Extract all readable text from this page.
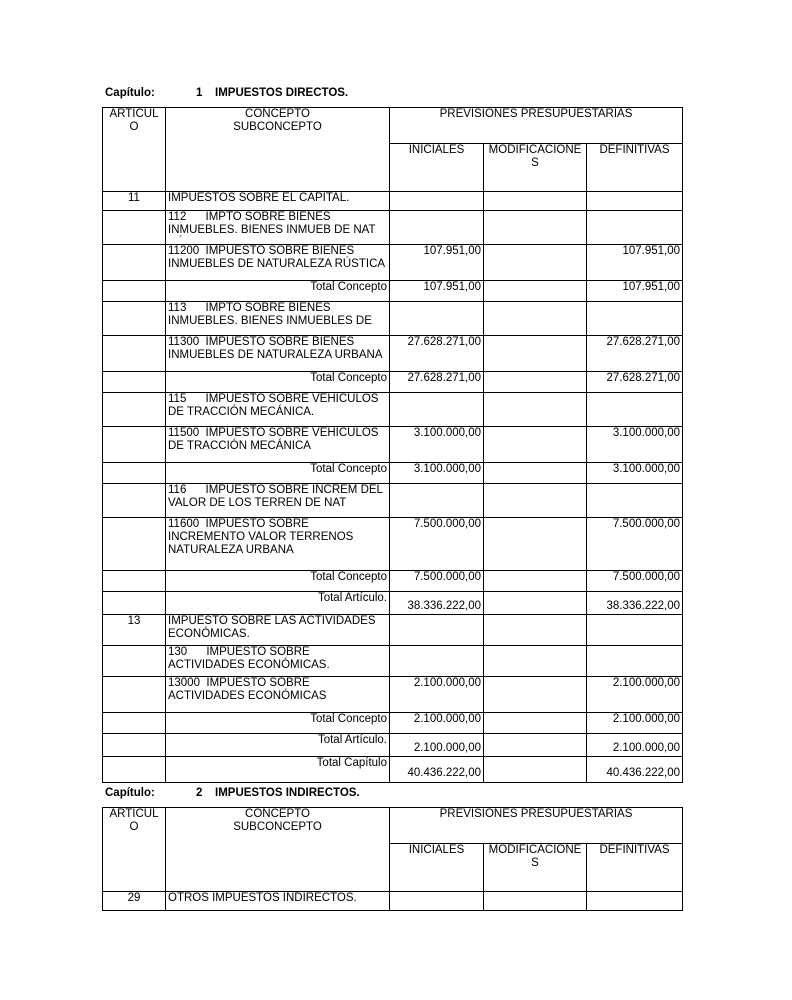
Capítulo:	1 IMPUESTOS DIRECTOS.
ARTÍCUL O	
CONCEPTO
SUBCONCEPTO
	PREVISIONES PRESUPUESTARIAS
INICIALES	MODIFICACIONE S	DEFINITIVAS
11	IMPUESTOS SOBRE EL CAPITAL.

112      IMPTO SOBRE BIENES INMUEBLES. BIENES INMUEB DE NAT

11200  IMPUESTO SOBRE BIENES INMUEBLES DE NATURALEZA RÚSTICA
	107.951,00		107.951,00
	Total Concepto	107.951,00		107.951,00

113      IMPTO SOBRE BIENES INMUEBLES. BIENES INMUEBLES DE

11300  IMPUESTO SOBRE BIENES INMUEBLES DE NATURALEZA URBANA
	27.628.271,00		27.628.271,00
	Total Concepto	27.628.271,00		27.628.271,00

115      IMPUESTO SOBRE VEHÍCULOS DE TRACCIÓN MECÁNICA.

11500  IMPUESTO SOBRE VEHÍCULOS DE TRACCIÓN MECÁNICA
	3.100.000,00		3.100.000,00
	Total Concepto	3.100.000,00		3.100.000,00

116      IMPUESTO SOBRE INCREM DEL VALOR DE LOS TERREN DE NAT

11600  IMPUESTO SOBRE INCREMENTO VALOR TERRENOS NATURALEZA URBANA
	7.500.000,00		7.500.000,00
	Total Concepto	7.500.000,00		7.500.000,00
	Total Artículo.	38.336.222,00		38.336.222,00
13	IMPUESTO SOBRE LAS ACTIVIDADES ECONÓMICAS.

130      IMPUESTO SOBRE ACTIVIDADES ECONÓMICAS.

13000  IMPUESTO SOBRE ACTIVIDADES ECONÓMICAS
	2.100.000,00		2.100.000,00
	Total Concepto	2.100.000,00		2.100.000,00
	Total Artículo.	2.100.000,00		2.100.000,00
	Total Capítulo	40.436.222,00		40.436.222,00
Capítulo:	2 IMPUESTOS INDIRECTOS.
ARTÍCUL O	
CONCEPTO
SUBCONCEPTO
	PREVISIONES PRESUPUESTARIAS
INICIALES	MODIFICACIONE S	DEFINITIVAS
29	OTROS IMPUESTOS INDIRECTOS.
